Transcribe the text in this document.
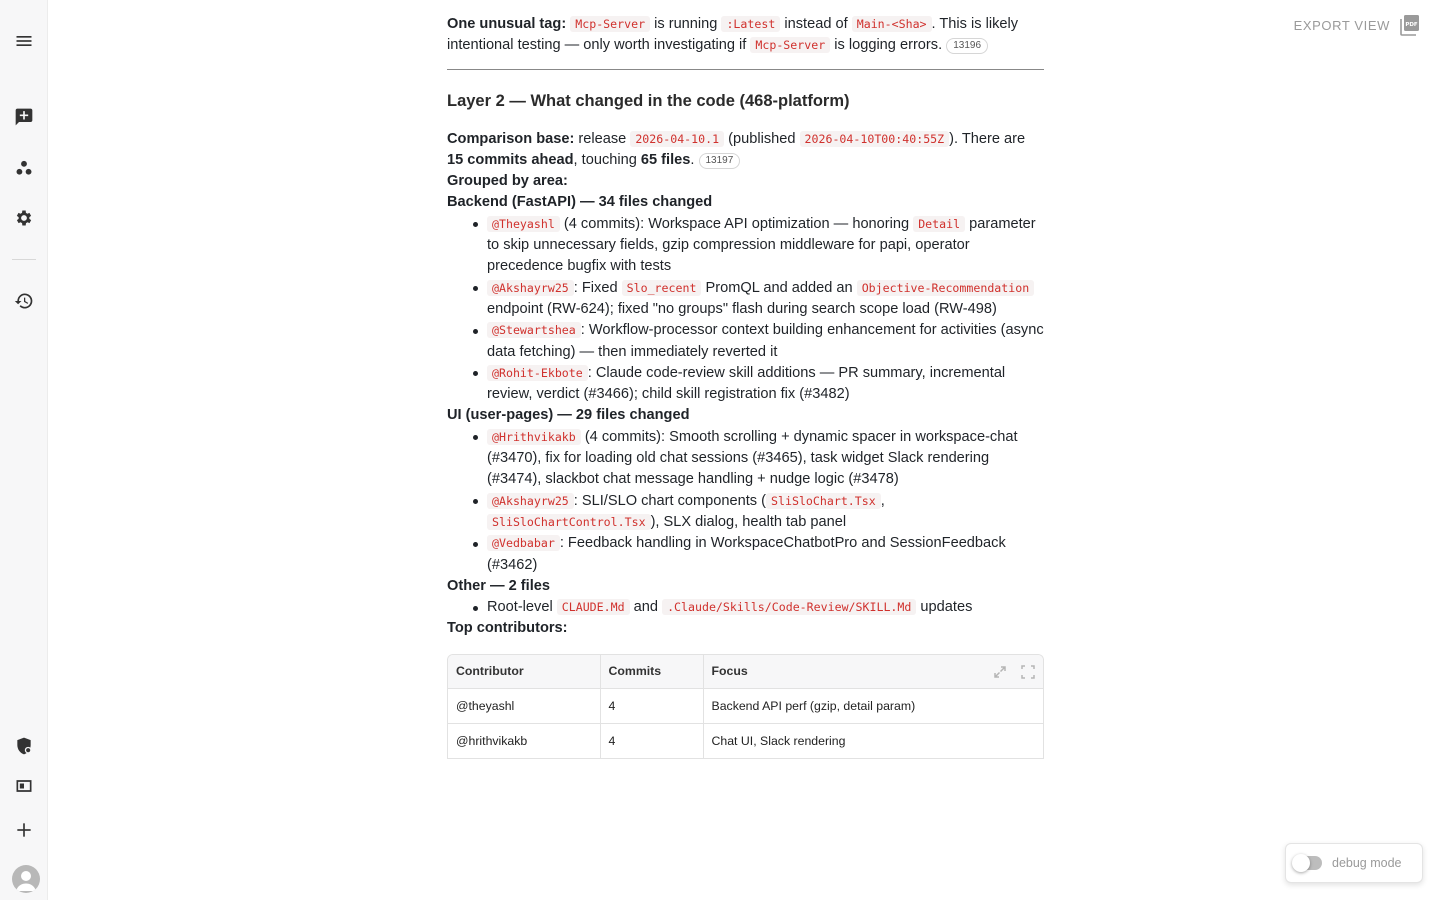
EXPORT VIEW	PDF

One unusual tag: Mcp-Server is running :Latest instead of Main-<Sha> . This is likely intentional testing — only worth investigating if Mcp-Server is logging errors. 13196

Layer 2 — What changed in the code (468-platform)

Comparison base: release 2026-04-10.1 (published 2026-04-10T00:40:55Z ). There are 15 commits ahead, touching 65 files. 13197

Grouped by area:

Backend (FastAPI) — 34 files changed

@Theyashl (4 commits): Workspace API optimization — honoring Detail parameter to skip unnecessary fields, gzip compression middleware for papi, operator precedence bugfix with tests
@Akshayrw25 : Fixed Slo_recent PromQL and added an Objective-Recommendation endpoint (RW-624); fixed "no groups" flash during search scope load (RW-498)
@Stewartshea : Workflow-processor context building enhancement for activities (async data fetching) — then immediately reverted it
@Rohit-Ekbote : Claude code-review skill additions — PR summary, incremental review, verdict (#3466); child skill registration fix (#3482)

UI (user-pages) — 29 files changed

@Hrithvikakb (4 commits): Smooth scrolling + dynamic spacer in workspace-chat (#3470), fix for loading old chat sessions (#3465), task widget Slack rendering (#3474), slackbot chat message handling + nudge logic (#3478)
@Akshayrw25 : SLI/SLO chart components ( SliSloChart.Tsx , SliSloChartControl.Tsx ), SLX dialog, health tab panel
@Vedbabar : Feedback handling in WorkspaceChatbotPro and SessionFeedback (#3462)

Other — 2 files

Root-level CLAUDE.Md and .Claude/Skills/Code-Review/SKILL.Md updates

Top contributors:

Contributor	Commits	Focus
@theyashl	4	Backend API perf (gzip, detail param)
@hrithvikakb	4	Chat UI, Slack rendering
debug mode
